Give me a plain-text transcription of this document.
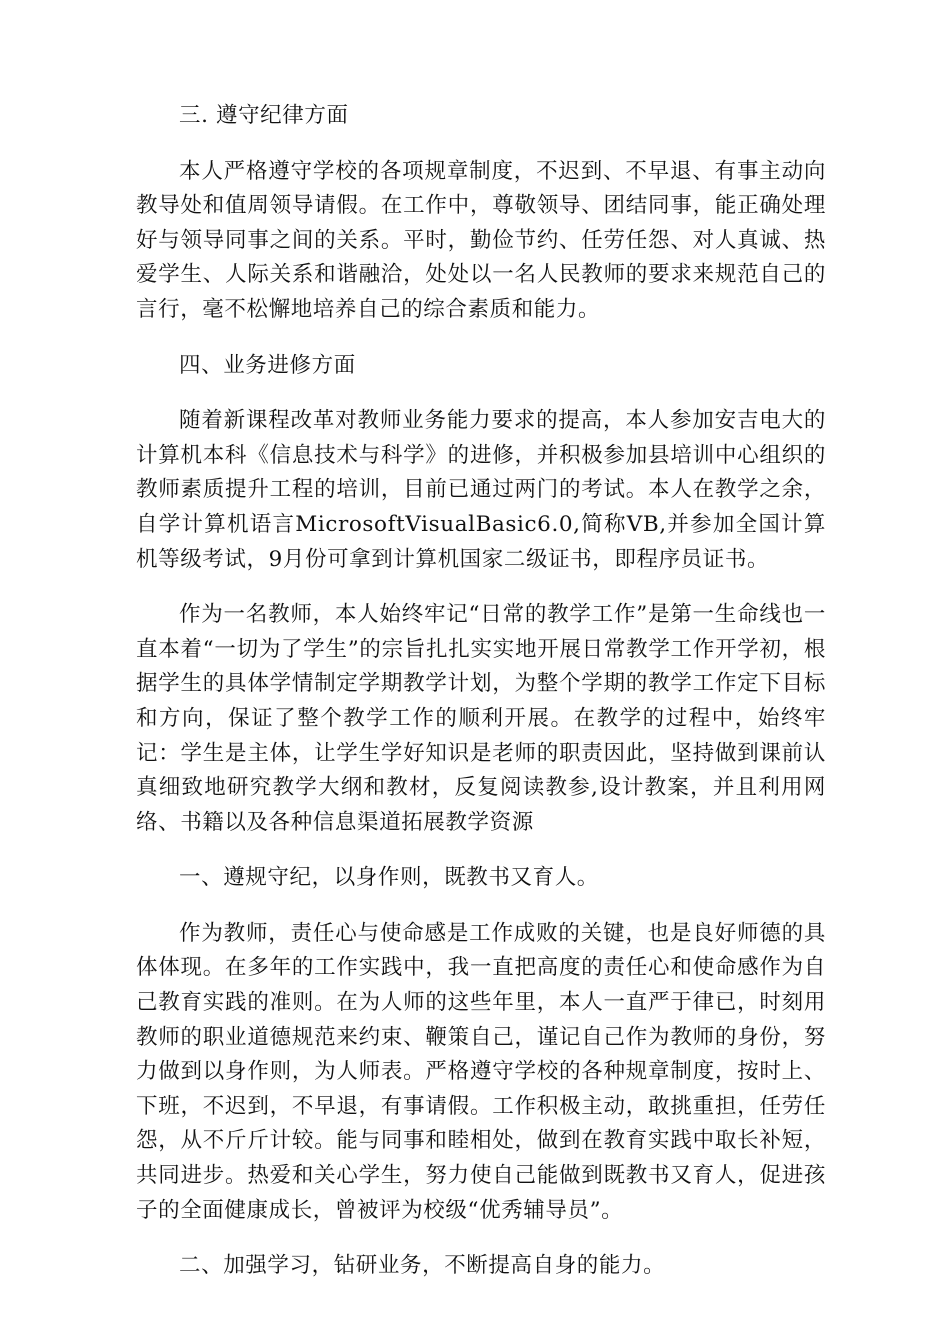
三. 遵守纪律方面

本人严格遵守学校的各项规章制度，不迟到、不早退、有事主动向教导处和值周领导请假。在工作中，尊敬领导、团结同事，能正确处理好与领导同事之间的关系。平时，勤俭节约、任劳任怨、对人真诚、热爱学生、人际关系和谐融洽，处处以一名人民教师的要求来规范自己的言行，毫不松懈地培养自己的综合素质和能力。

四、业务进修方面

随着新课程改革对教师业务能力要求的提高，本人参加安吉电大的计算机本科《信息技术与科学》的进修，并积极参加县培训中心组织的教师素质提升工程的培训，目前已通过两门的考试。本人在教学之余，自学计算机语言MicrosoftVisualBasic6.0,简称VB,并参加全国计算机等级考试，9月份可拿到计算机国家二级证书，即程序员证书。

作为一名教师，本人始终牢记“日常的教学工作”是第一生命线也一直本着“一切为了学生”的宗旨扎扎实实地开展日常教学工作开学初，根据学生的具体学情制定学期教学计划，为整个学期的教学工作定下目标和方向，保证了整个教学工作的顺利开展。在教学的过程中，始终牢记：学生是主体，让学生学好知识是老师的职责因此，坚持做到课前认真细致地研究教学大纲和教材，反复阅读教参,设计教案，并且利用网络、书籍以及各种信息渠道拓展教学资源

一、遵规守纪，以身作则，既教书又育人。

作为教师，责任心与使命感是工作成败的关键，也是良好师德的具体体现。在多年的工作实践中，我一直把高度的责任心和使命感作为自己教育实践的准则。在为人师的这些年里，本人一直严于律已，时刻用教师的职业道德规范来约束、鞭策自己，谨记自己作为教师的身份，努力做到以身作则，为人师表。严格遵守学校的各种规章制度，按时上、下班，不迟到，不早退，有事请假。工作积极主动，敢挑重担，任劳任怨，从不斤斤计较。能与同事和睦相处，做到在教育实践中取长补短，共同进步。热爱和关心学生，努力使自己能做到既教书又育人，促进孩子的全面健康成长，曾被评为校级“优秀辅导员”。

二、加强学习，钻研业务，不断提高自身的能力。
